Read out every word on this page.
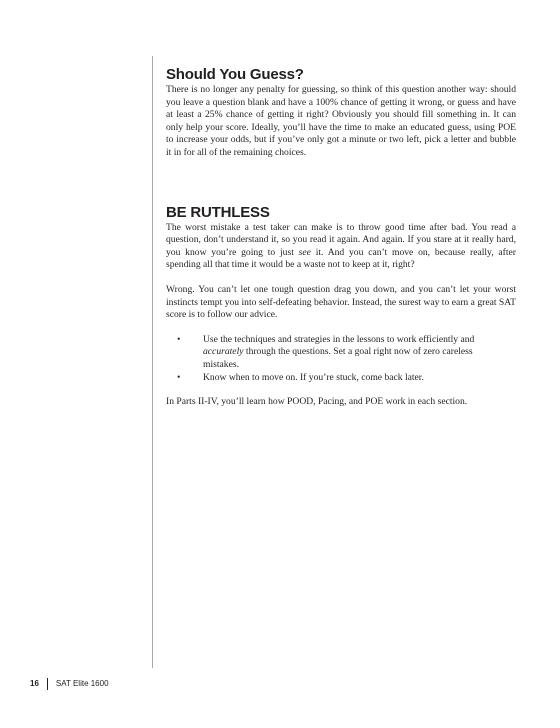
Should You Guess?

There is no longer any penalty for guessing, so think of this question another way: should you leave a question blank and have a 100% chance of getting it wrong, or guess and have at least a 25% chance of getting it right? Obviously you should fill something in. It can only help your score. Ideally, you’ll have the time to make an educated guess, using POE to increase your odds, but if you’ve only got a minute or two left, pick a letter and bubble it in for all of the remaining choices.

BE RUTHLESS

The worst mistake a test taker can make is to throw good time after bad. You read a question, don’t understand it, so you read it again. And again. If you stare at it really hard, you know you’re going to just see it. And you can’t move on, because really, after spending all that time it would be a waste not to keep at it, right?

Wrong. You can’t let one tough question drag you down, and you can’t let your worst instincts tempt you into self-defeating behavior. Instead, the surest way to earn a great SAT score is to follow our advice.

• Use the techniques and strategies in the lessons to work efficiently and accurately through the questions. Set a goal right now of zero careless mistakes.
• Know when to move on. If you’re stuck, come back later.

In Parts II-IV, you’ll learn how POOD, Pacing, and POE work in each section.

16 SAT Elite 1600
